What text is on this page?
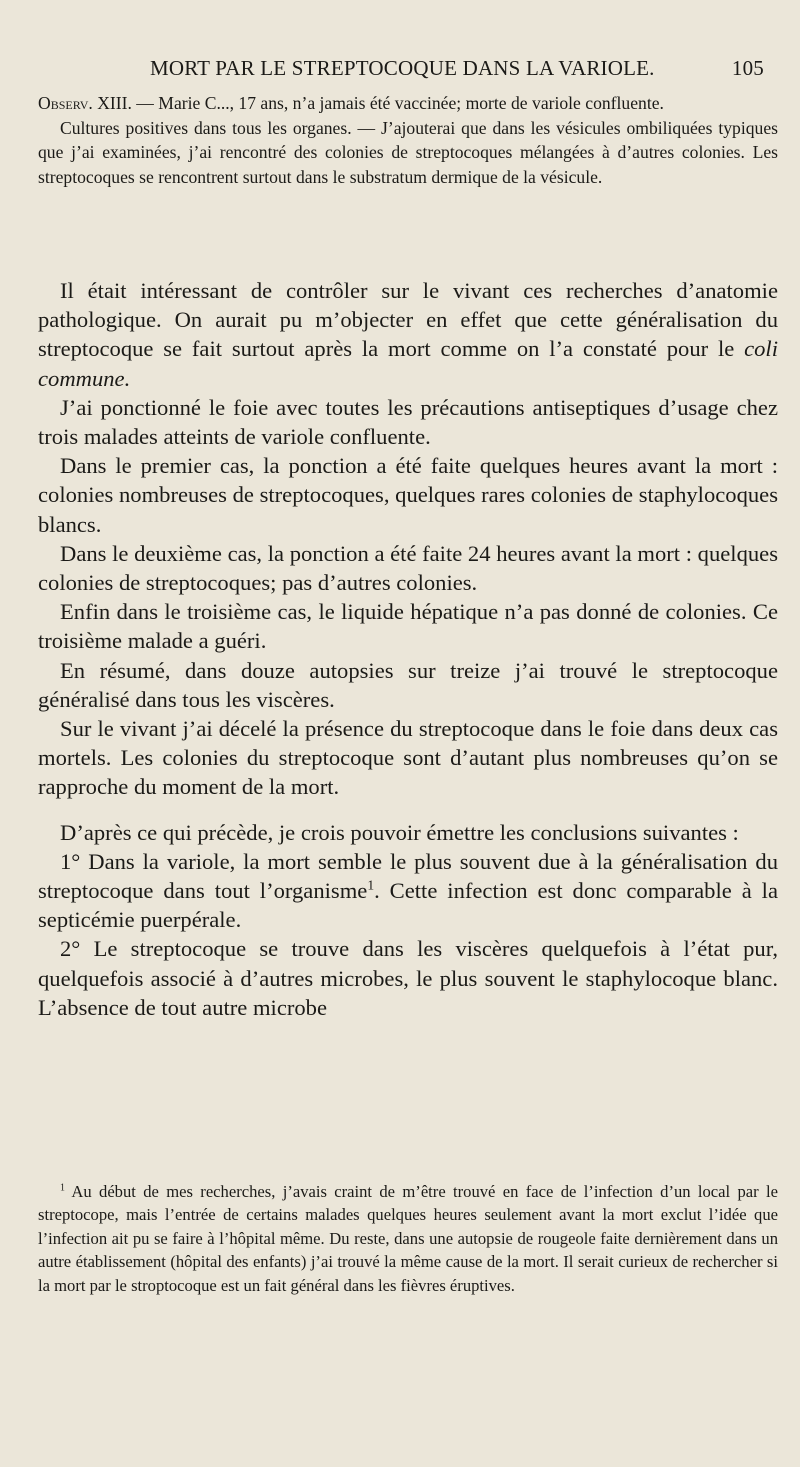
MORT PAR LE STREPTOCOQUE DANS LA VARIOLE.	105

Observ. XIII. — Marie C..., 17 ans, n’a jamais été vaccinée; morte de variole confluente.

Cultures positives dans tous les organes. — J’ajouterai que dans les vésicules ombiliquées typiques que j’ai examinées, j’ai rencontré des colonies de streptocoques mélangées à d’autres colonies. Les streptocoques se rencontrent surtout dans le substratum dermique de la vésicule.

Il était intéressant de contrôler sur le vivant ces recherches d’anatomie pathologique. On aurait pu m’objecter en effet que cette généralisation du streptocoque se fait surtout après la mort comme on l’a constaté pour le coli commune.

J’ai ponctionné le foie avec toutes les précautions antiseptiques d’usage chez trois malades atteints de variole confluente.

Dans le premier cas, la ponction a été faite quelques heures avant la mort : colonies nombreuses de streptocoques, quelques rares colonies de staphylocoques blancs.

Dans le deuxième cas, la ponction a été faite 24 heures avant la mort : quelques colonies de streptocoques; pas d’autres colonies.

Enfin dans le troisième cas, le liquide hépatique n’a pas donné de colonies. Ce troisième malade a guéri.

En résumé, dans douze autopsies sur treize j’ai trouvé le streptocoque généralisé dans tous les viscères.

Sur le vivant j’ai décelé la présence du streptocoque dans le foie dans deux cas mortels. Les colonies du streptocoque sont d’autant plus nombreuses qu’on se rapproche du moment de la mort.

D’après ce qui précède, je crois pouvoir émettre les conclusions suivantes :

1° Dans la variole, la mort semble le plus souvent due à la généralisation du streptocoque dans tout l’organisme$^1$. Cette infection est donc comparable à la septicémie puerpérale.

2° Le streptocoque se trouve dans les viscères quelquefois à l’état pur, quelquefois associé à d’autres microbes, le plus souvent le staphylocoque blanc. L’absence de tout autre microbe

$^1$ Au début de mes recherches, j’avais craint de m’être trouvé en face de l’infection d’un local par le streptocope, mais l’entrée de certains malades quelques heures seulement avant la mort exclut l’idée que l’infection ait pu se faire à l’hôpital même. Du reste, dans une autopsie de rougeole faite dernièrement dans un autre établissement (hôpital des enfants) j’ai trouvé la même cause de la mort. Il serait curieux de rechercher si la mort par le stroptocoque est un fait général dans les fièvres éruptives.
